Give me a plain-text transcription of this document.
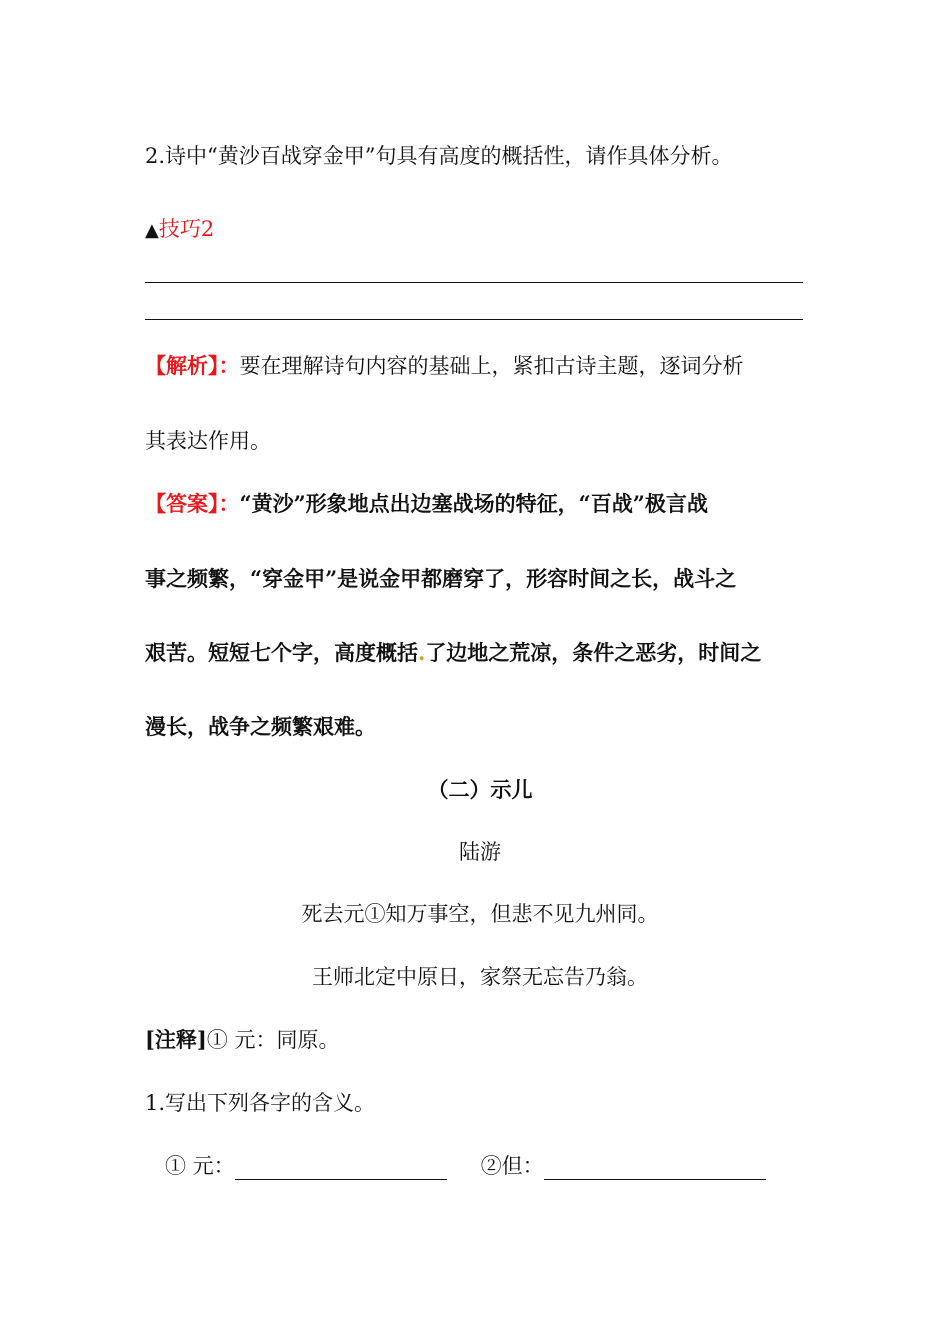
2.诗中“黄沙百战穿金甲”句具有高度的概括性，请作具体分析。
▲技巧2
【解析】：要在理解诗句内容的基础上，紧扣古诗主题，逐词分析
其表达作用。
【答案】：“黄沙”形象地点出边塞战场的特征，“百战”极言战
事之频繁，“穿金甲”是说金甲都磨穿了，形容时间之长，战斗之
艰苦。短短七个字，高度概括.了边地之荒凉，条件之恶劣，时间之
漫长，战争之频繁艰难。
（二）示儿
陆游
死去元①知万事空，但悲不见九州同。
王师北定中原日，家祭无忘告乃翁。
[注释]① 元：同原。
1.写出下列各字的含义。
① 元：	②但：
